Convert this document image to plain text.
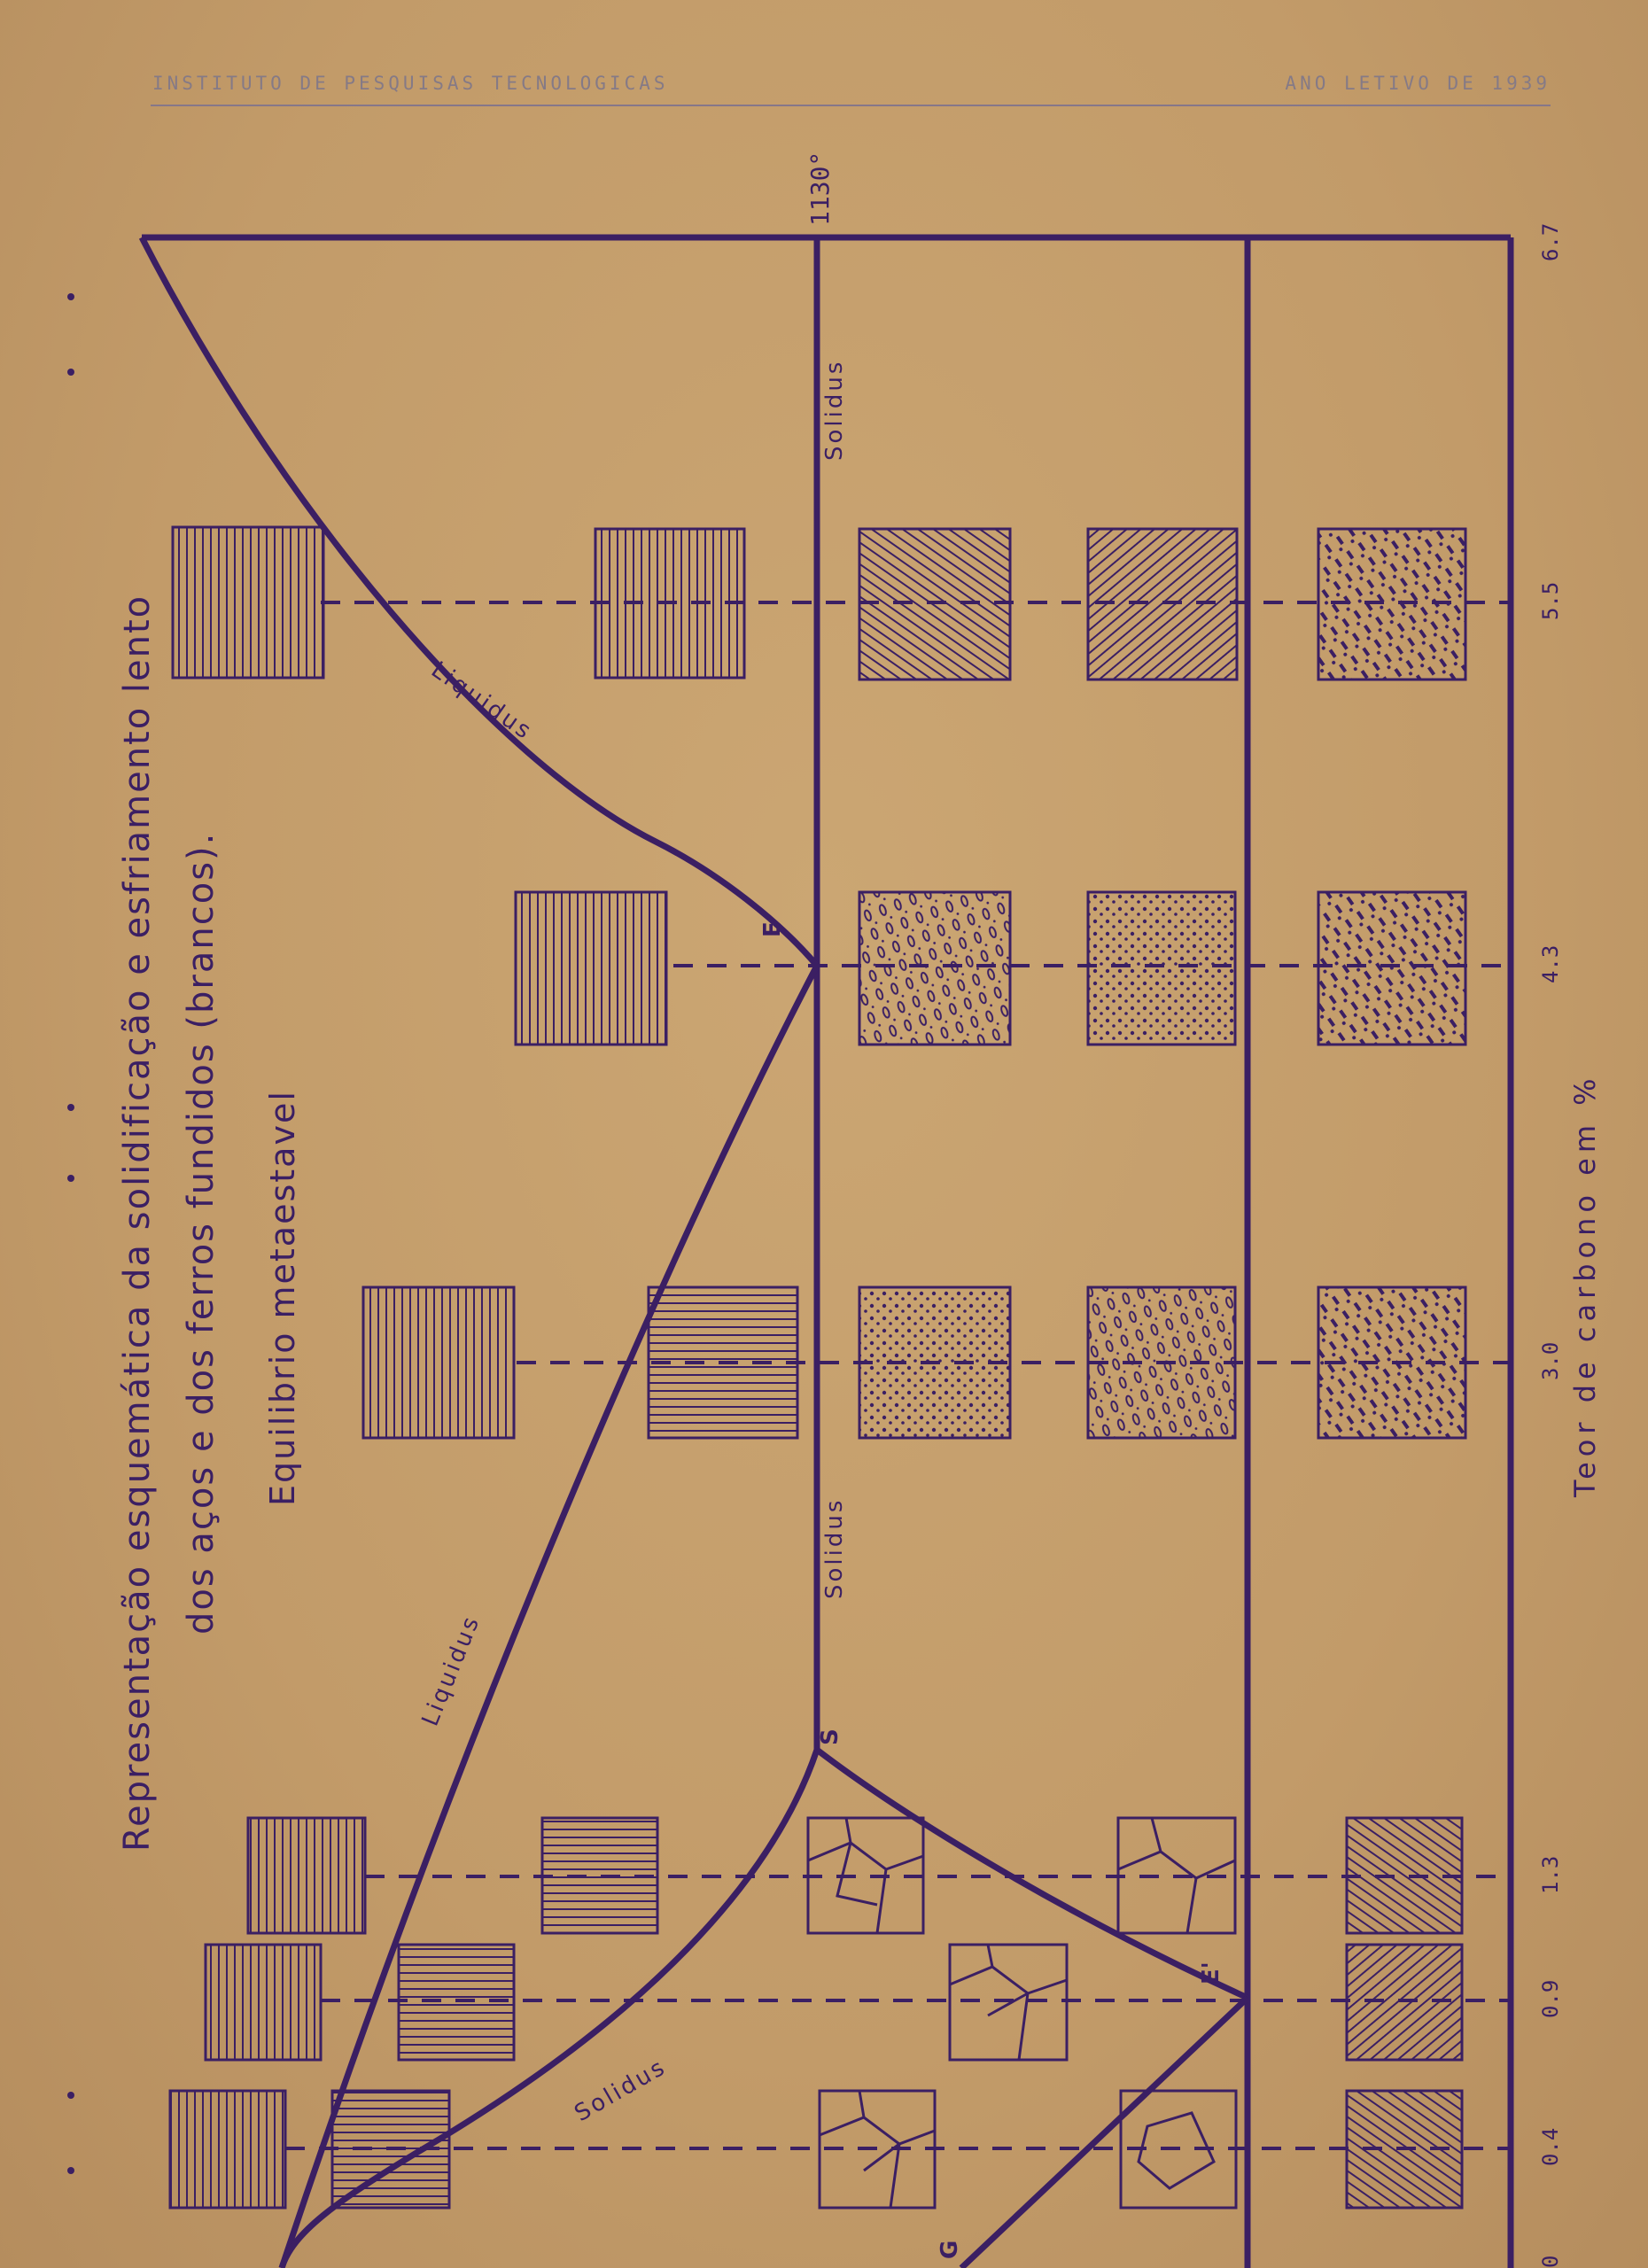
INSTITUTO DE PESQUISAS TECNOLOGICAS	ANO LETIVO DE 1939
1130°
Solidus
Solidus
Liquidus
Liquidus
Solidus
E
S
E'
G
0
0.4
0.9
1.3
3.0
4.3
5.5
6.7
Teor de carbono em %
Representação esquemática da solidificação e esfriamento lento dos aços e dos ferros fundidos (brancos). Equilibrio metaestavel
